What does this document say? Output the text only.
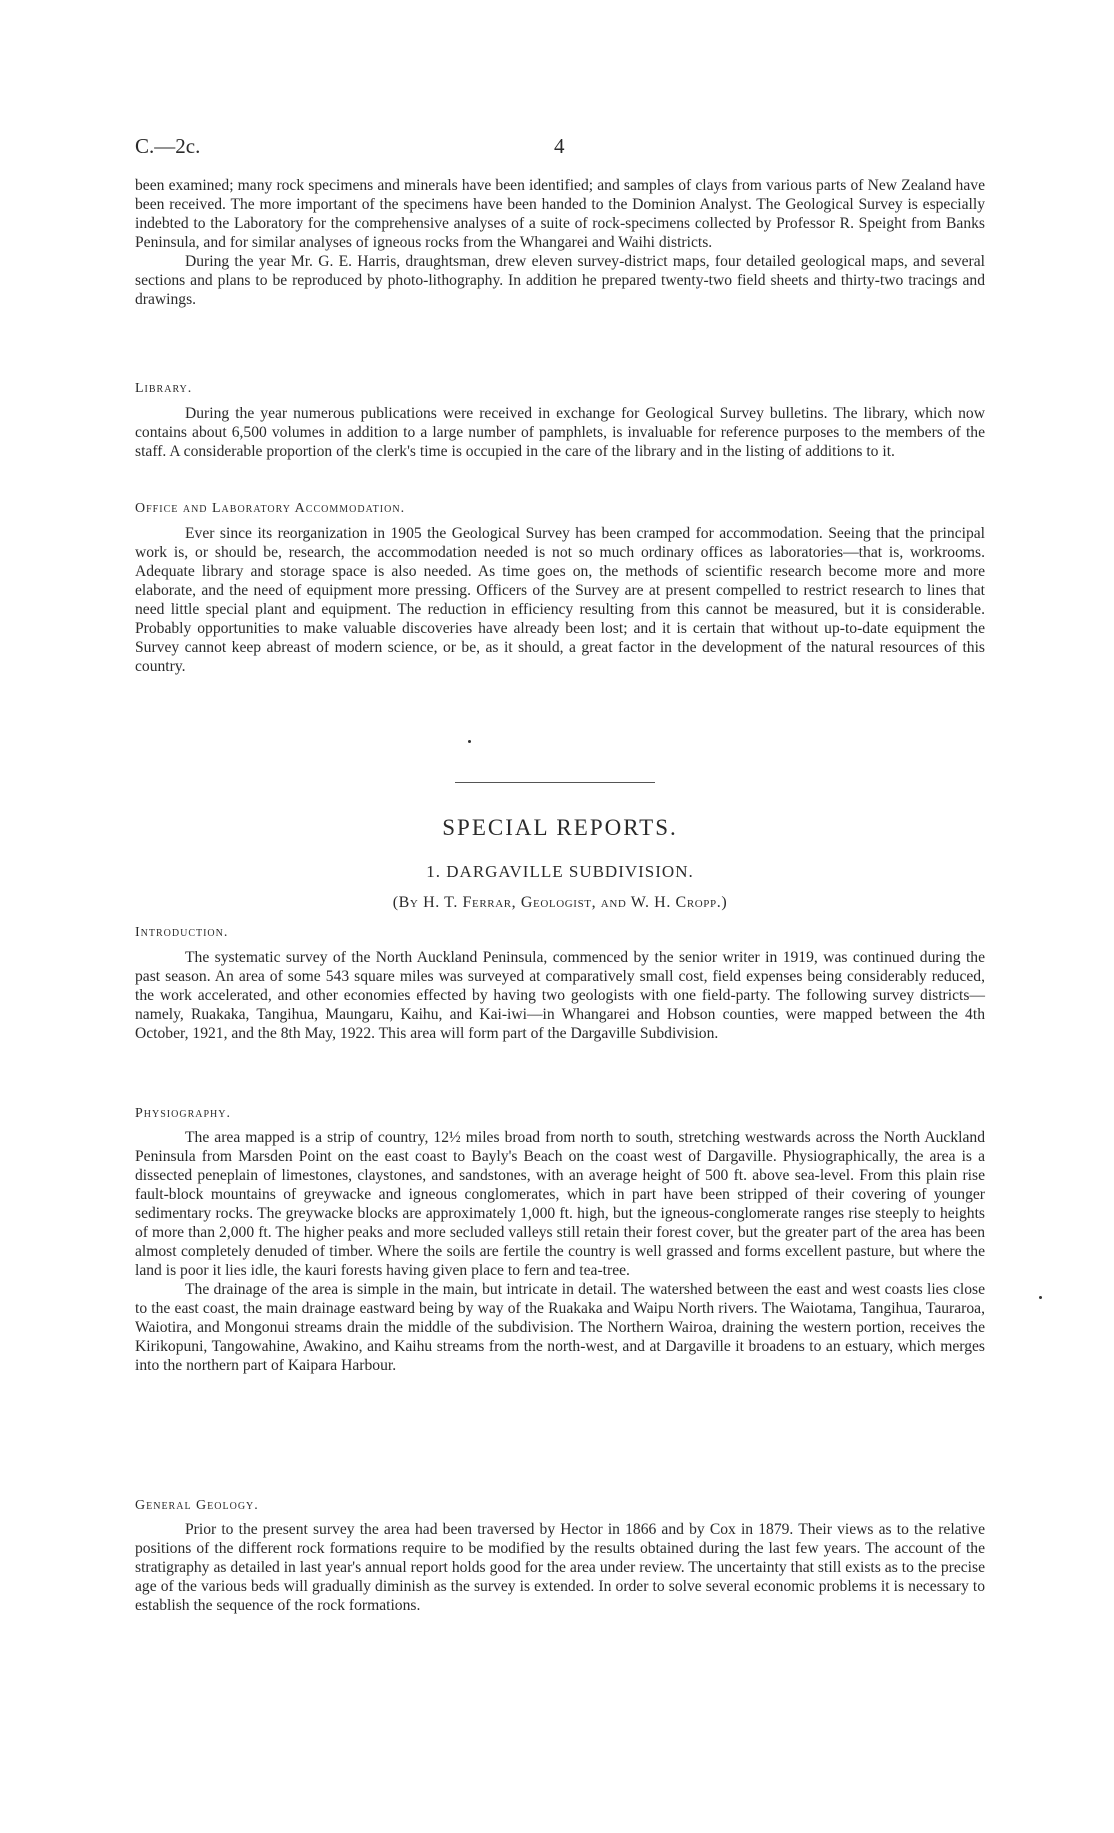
C.—2c.	4

been examined; many rock specimens and minerals have been identified; and samples of clays from various parts of New Zealand have been received. The more important of the specimens have been handed to the Dominion Analyst. The Geological Survey is especially indebted to the Laboratory for the comprehensive analyses of a suite of rock-specimens collected by Professor R. Speight from Banks Peninsula, and for similar analyses of igneous rocks from the Whangarei and Waihi districts.

During the year Mr. G. E. Harris, draughtsman, drew eleven survey-district maps, four detailed geological maps, and several sections and plans to be reproduced by photo-lithography. In addition he prepared twenty-two field sheets and thirty-two tracings and drawings.

Library.

During the year numerous publications were received in exchange for Geological Survey bulletins. The library, which now contains about 6,500 volumes in addition to a large number of pamphlets, is invaluable for reference purposes to the members of the staff. A considerable proportion of the clerk's time is occupied in the care of the library and in the listing of additions to it.

Office and Laboratory Accommodation.

Ever since its reorganization in 1905 the Geological Survey has been cramped for accommodation. Seeing that the principal work is, or should be, research, the accommodation needed is not so much ordinary offices as laboratories—that is, workrooms. Adequate library and storage space is also needed. As time goes on, the methods of scientific research become more and more elaborate, and the need of equipment more pressing. Officers of the Survey are at present compelled to restrict research to lines that need little special plant and equipment. The reduction in efficiency resulting from this cannot be measured, but it is considerable. Probably opportunities to make valuable discoveries have already been lost; and it is certain that without up-to-date equipment the Survey cannot keep abreast of modern science, or be, as it should, a great factor in the development of the natural resources of this country.

SPECIAL REPORTS.
1. DARGAVILLE SUBDIVISION.
(By H. T. Ferrar, Geologist, and W. H. Cropp.)

Introduction.

The systematic survey of the North Auckland Peninsula, commenced by the senior writer in 1919, was continued during the past season. An area of some 543 square miles was surveyed at comparatively small cost, field expenses being considerably reduced, the work accelerated, and other economies effected by having two geologists with one field-party. The following survey districts—namely, Ruakaka, Tangihua, Maungaru, Kaihu, and Kai-iwi—in Whangarei and Hobson counties, were mapped between the 4th October, 1921, and the 8th May, 1922. This area will form part of the Dargaville Subdivision.

Physiography.

The area mapped is a strip of country, 12½ miles broad from north to south, stretching westwards across the North Auckland Peninsula from Marsden Point on the east coast to Bayly's Beach on the coast west of Dargaville. Physiographically, the area is a dissected peneplain of limestones, claystones, and sandstones, with an average height of 500 ft. above sea-level. From this plain rise fault-block mountains of greywacke and igneous conglomerates, which in part have been stripped of their covering of younger sedimentary rocks. The greywacke blocks are approximately 1,000 ft. high, but the igneous-conglomerate ranges rise steeply to heights of more than 2,000 ft. The higher peaks and more secluded valleys still retain their forest cover, but the greater part of the area has been almost completely denuded of timber. Where the soils are fertile the country is well grassed and forms excellent pasture, but where the land is poor it lies idle, the kauri forests having given place to fern and tea-tree.

The drainage of the area is simple in the main, but intricate in detail. The watershed between the east and west coasts lies close to the east coast, the main drainage eastward being by way of the Ruakaka and Waipu North rivers. The Waiotama, Tangihua, Tauraroa, Waiotira, and Mongonui streams drain the middle of the subdivision. The Northern Wairoa, draining the western portion, receives the Kirikopuni, Tangowahine, Awakino, and Kaihu streams from the north-west, and at Dargaville it broadens to an estuary, which merges into the northern part of Kaipara Harbour.

General Geology.

Prior to the present survey the area had been traversed by Hector in 1866 and by Cox in 1879. Their views as to the relative positions of the different rock formations require to be modified by the results obtained during the last few years. The account of the stratigraphy as detailed in last year's annual report holds good for the area under review. The uncertainty that still exists as to the precise age of the various beds will gradually diminish as the survey is extended. In order to solve several economic problems it is necessary to establish the sequence of the rock formations.
